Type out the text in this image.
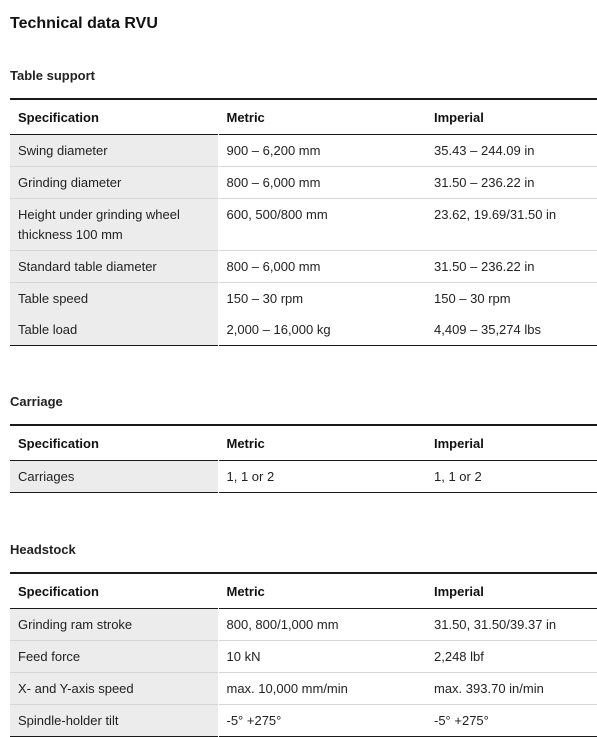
Technical data RVU
Table support
Specification	Metric	Imperial
Swing diameter	900 – 6,200 mm	35.43 – 244.09 in
Grinding diameter	800 – 6,000 mm	31.50 – 236.22 in
Height under grinding wheel thickness 100 mm	600, 500/800 mm	23.62, 19.69/31.50 in
Standard table diameter	800 – 6,000 mm	31.50 – 236.22 in
Table speed	150 – 30 rpm	150 – 30 rpm
Table load	2,000 – 16,000 kg	4,409 – 35,274 lbs
Carriage
Specification	Metric	Imperial
Carriages	1, 1 or 2	1, 1 or 2
Headstock
Specification	Metric	Imperial
Grinding ram stroke	800, 800/1,000 mm	31.50, 31.50/39.37 in
Feed force	10 kN	2,248 lbf
X- and Y-axis speed	max. 10,000 mm/min	max. 393.70 in/min
Spindle-holder tilt	-5° +275°	-5° +275°
